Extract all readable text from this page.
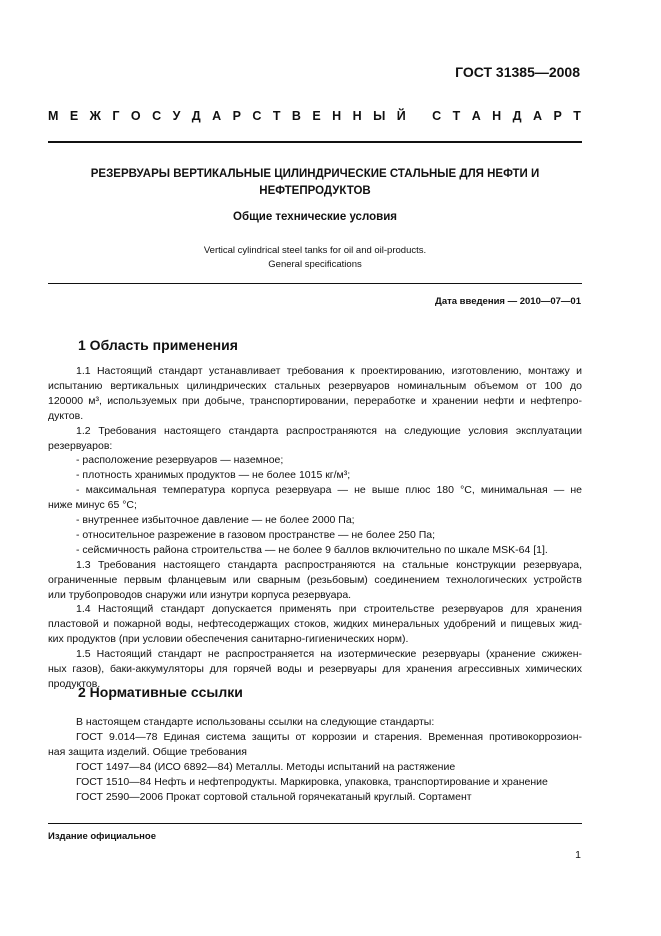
ГОСТ 31385—2008
М Е Ж Г О С У Д А Р С Т В Е Н Н Ы Й
С Т А Н Д А Р Т
РЕЗЕРВУАРЫ ВЕРТИКАЛЬНЫЕ ЦИЛИНДРИЧЕСКИЕ СТАЛЬНЫЕ ДЛЯ НЕФТИ И
НЕФТЕПРОДУКТОВ
Общие технические условия
Vertical cylindrical steel tanks for oil and oil-products.
General specifications
Дата введения — 2010—07—01
1 Область применения
1.1 Настоящий стандарт устанавливает требования к проектированию, изготовлению, монтажу и
испытанию вертикальных цилиндрических стальных резервуаров номинальным объемом от 100 до
120000 м³, используемых при добыче, транспортировании, переработке и хранении нефти и нефтепро-
дуктов.
1.2 Требования настоящего стандарта распространяются на следующие условия эксплуатации
резервуаров:
- расположение резервуаров — наземное;
- плотность хранимых продуктов — не более 1015 кг/м³;
- максимальная температура корпуса резервуара — не выше плюс 180 °С, минимальная — не
ниже минус 65 °С;
- внутреннее избыточное давление — не более 2000 Па;
- относительное разрежение в газовом пространстве — не более 250 Па;
- сейсмичность района строительства — не более 9 баллов включительно по шкале MSK-64 [1].
1.3 Требования настоящего стандарта распространяются на стальные конструкции резервуара,
ограниченные первым фланцевым или сварным (резьбовым) соединением технологических устройств
или трубопроводов снаружи или изнутри корпуса резервуара.
1.4 Настоящий стандарт допускается применять при строительстве резервуаров для хранения
пластовой и пожарной воды, нефтесодержащих стоков, жидких минеральных удобрений и пищевых жид-
ких продуктов (при условии обеспечения санитарно-гигиенических норм).
1.5 Настоящий стандарт не распространяется на изотермические резервуары (хранение сжижен-
ных газов), баки-аккумуляторы для горячей воды и резервуары для хранения агрессивных химических
продуктов.
2 Нормативные ссылки
В настоящем стандарте использованы ссылки на следующие стандарты:
ГОСТ 9.014—78 Единая система защиты от коррозии и старения. Временная противокоррозион-
ная защита изделий. Общие требования
ГОСТ 1497—84 (ИСО 6892—84) Металлы. Методы испытаний на растяжение
ГОСТ 1510—84 Нефть и нефтепродукты. Маркировка, упаковка, транспортирование и хранение
ГОСТ 2590—2006 Прокат сортовой стальной горячекатаный круглый. Сортамент
Издание официальное
1
